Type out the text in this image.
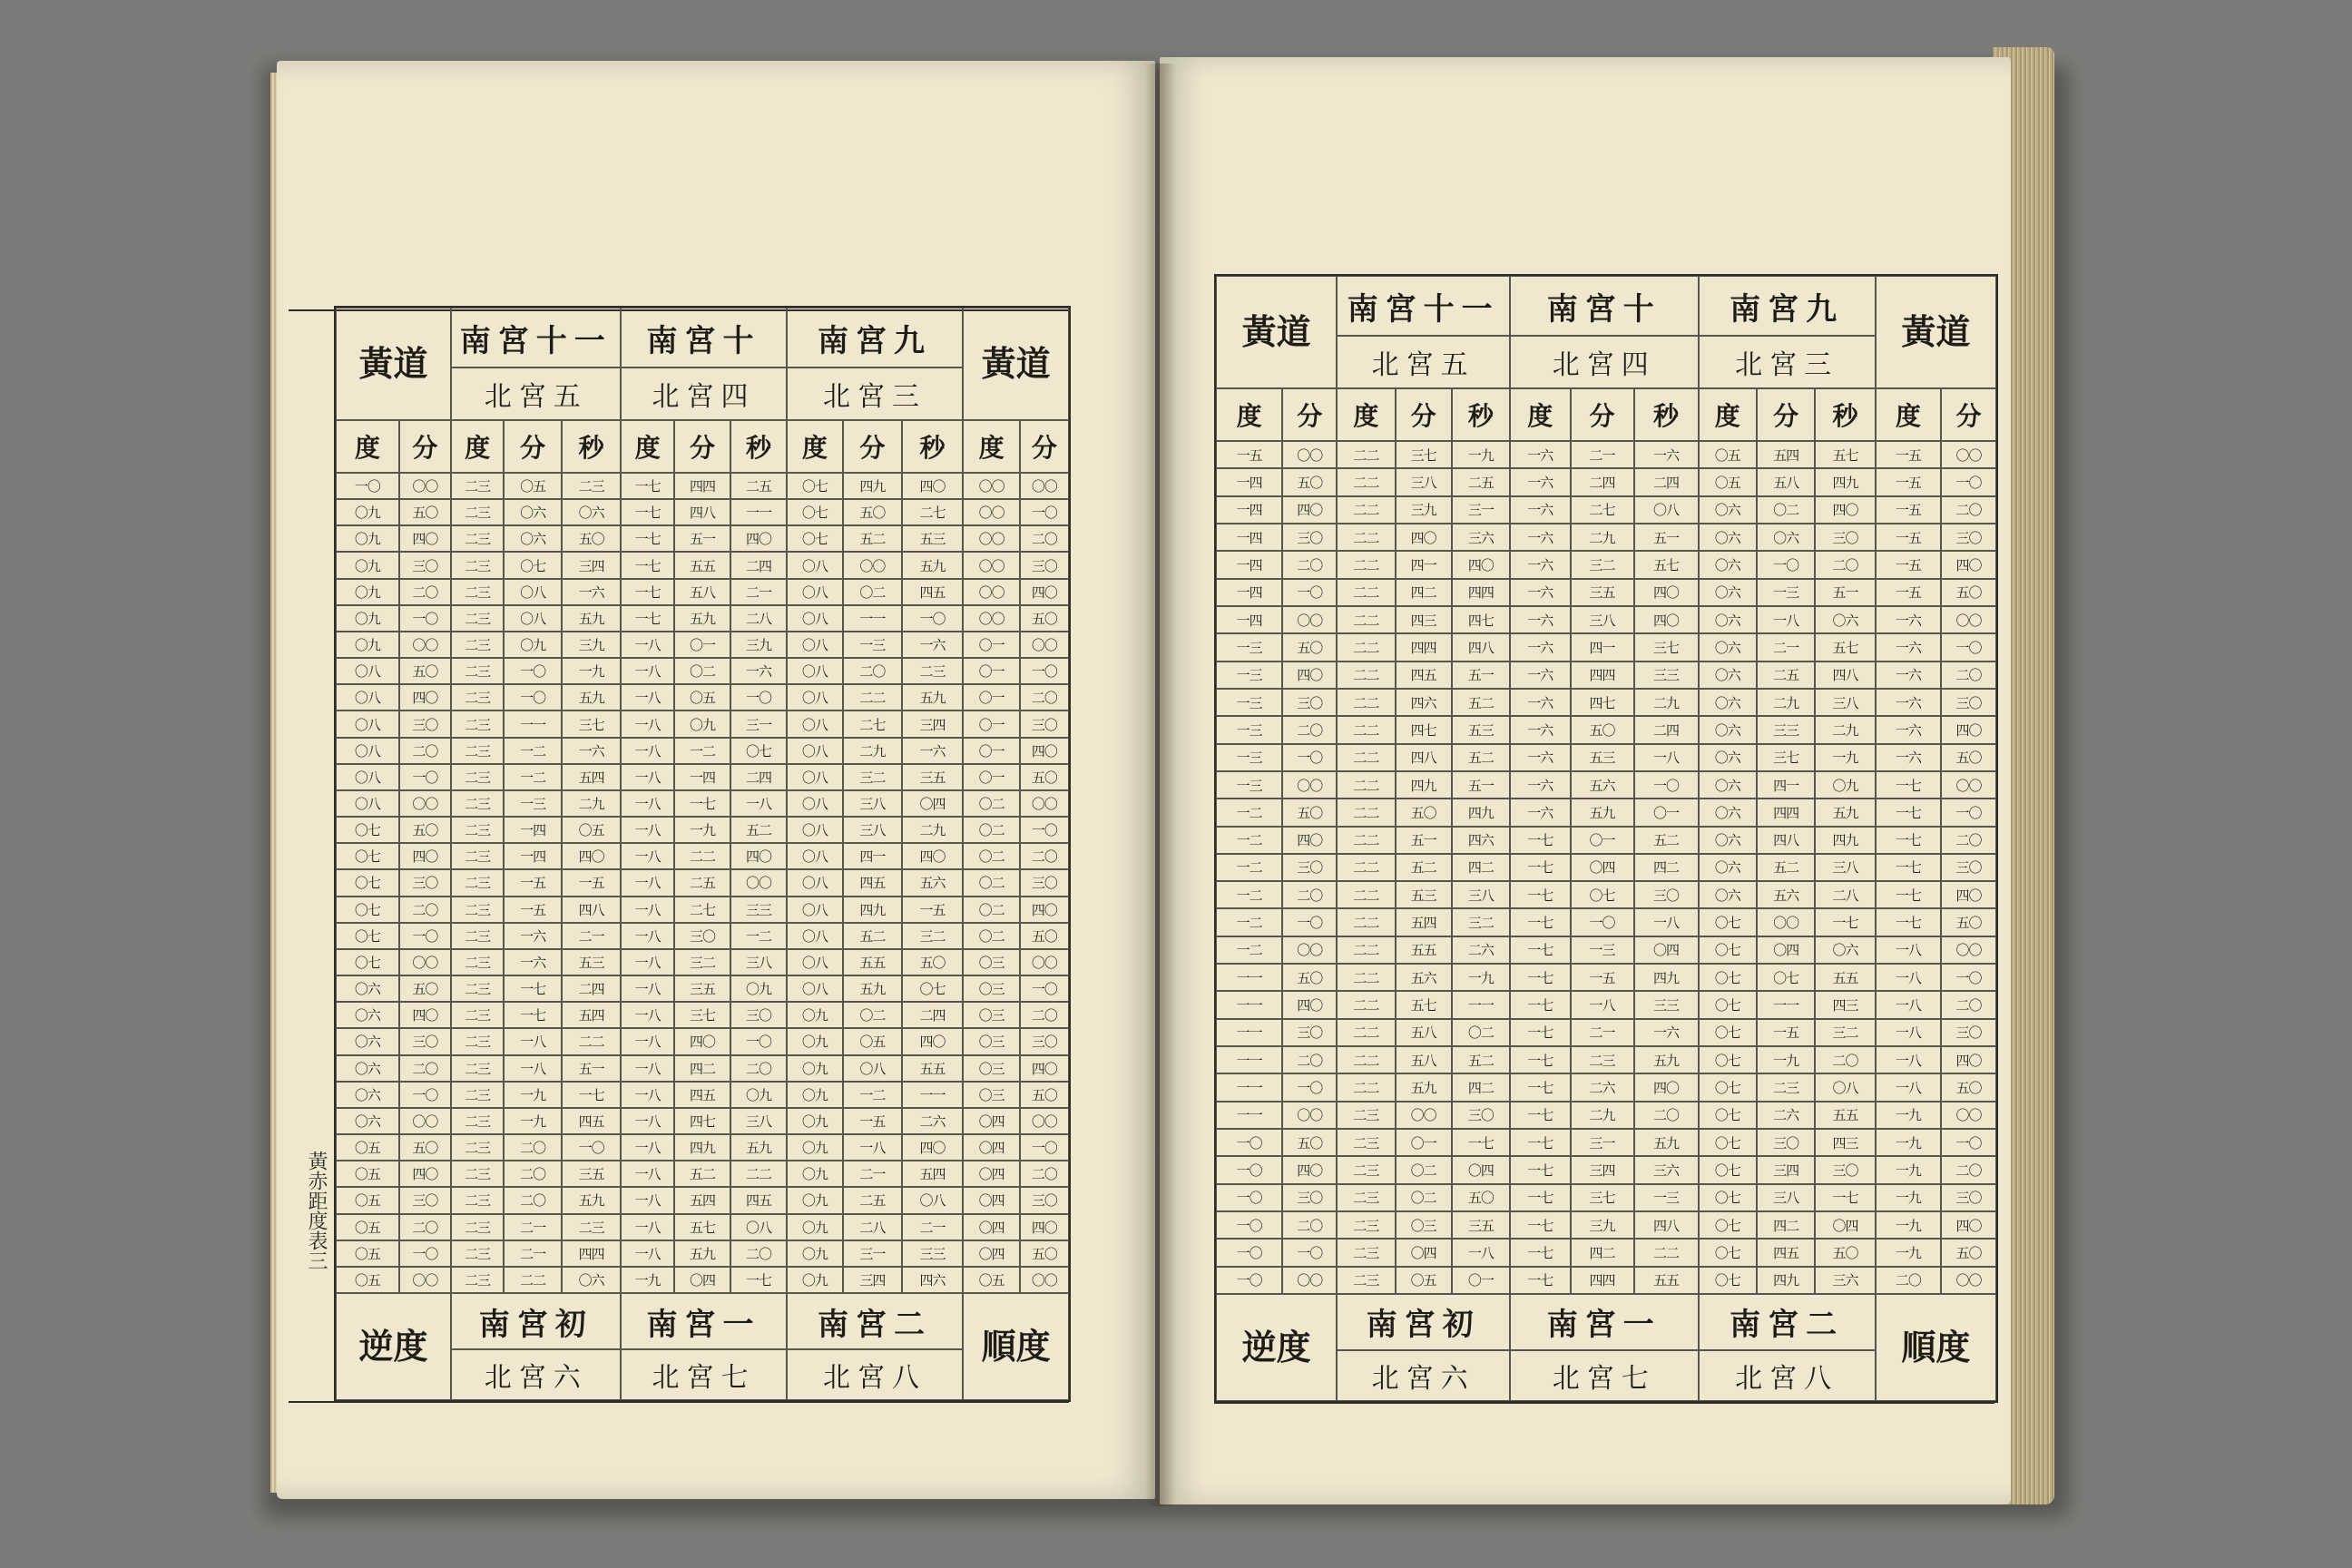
黃赤距度表三
黃道	黃道
南宮十一
北宮五
南宮十
北宮四
南宮九
北宮三
度	分	度	分	秒	度	分	秒	度	分	秒	度	分
一〇	〇〇	二三	〇五	二三	一七	四四	二五	〇七	四九	四〇	〇〇	〇〇
〇九	五〇	二三	〇六	〇六	一七	四八	一一	〇七	五〇	二七	〇〇	一〇
〇九	四〇	二三	〇六	五〇	一七	五一	四〇	〇七	五二	五三	〇〇	二〇
〇九	三〇	二三	〇七	三四	一七	五五	二四	〇八	〇〇	五九	〇〇	三〇
〇九	二〇	二三	〇八	一六	一七	五八	二一	〇八	〇二	四五	〇〇	四〇
〇九	一〇	二三	〇八	五九	一七	五九	二八	〇八	一一	一〇	〇〇	五〇
〇九	〇〇	二三	〇九	三九	一八	〇一	三九	〇八	一三	一六	〇一	〇〇
〇八	五〇	二三	一〇	一九	一八	〇二	一六	〇八	二〇	二三	〇一	一〇
〇八	四〇	二三	一〇	五九	一八	〇五	一〇	〇八	二二	五九	〇一	二〇
〇八	三〇	二三	一一	三七	一八	〇九	三一	〇八	二七	三四	〇一	三〇
〇八	二〇	二三	一二	一六	一八	一二	〇七	〇八	二九	一六	〇一	四〇
〇八	一〇	二三	一二	五四	一八	一四	二四	〇八	三二	三五	〇一	五〇
〇八	〇〇	二三	一三	二九	一八	一七	一八	〇八	三八	〇四	〇二	〇〇
〇七	五〇	二三	一四	〇五	一八	一九	五二	〇八	三八	二九	〇二	一〇
〇七	四〇	二三	一四	四〇	一八	二二	四〇	〇八	四一	四〇	〇二	二〇
〇七	三〇	二三	一五	一五	一八	二五	〇〇	〇八	四五	五六	〇二	三〇
〇七	二〇	二三	一五	四八	一八	二七	三三	〇八	四九	一五	〇二	四〇
〇七	一〇	二三	一六	二一	一八	三〇	一二	〇八	五二	三二	〇二	五〇
〇七	〇〇	二三	一六	五三	一八	三二	三八	〇八	五五	五〇	〇三	〇〇
〇六	五〇	二三	一七	二四	一八	三五	〇九	〇八	五九	〇七	〇三	一〇
〇六	四〇	二三	一七	五四	一八	三七	三〇	〇九	〇二	二四	〇三	二〇
〇六	三〇	二三	一八	二二	一八	四〇	一〇	〇九	〇五	四〇	〇三	三〇
〇六	二〇	二三	一八	五一	一八	四二	二〇	〇九	〇八	五五	〇三	四〇
〇六	一〇	二三	一九	一七	一八	四五	〇九	〇九	一二	一一	〇三	五〇
〇六	〇〇	二三	一九	四五	一八	四七	三八	〇九	一五	二六	〇四	〇〇
〇五	五〇	二三	二〇	一〇	一八	四九	五九	〇九	一八	四〇	〇四	一〇
〇五	四〇	二三	二〇	三五	一八	五二	二二	〇九	二一	五四	〇四	二〇
〇五	三〇	二三	二〇	五九	一八	五四	四五	〇九	二五	〇八	〇四	三〇
〇五	二〇	二三	二一	二三	一八	五七	〇八	〇九	二八	二一	〇四	四〇
〇五	一〇	二三	二一	四四	一八	五九	二〇	〇九	三一	三三	〇四	五〇
〇五	〇〇	二三	二二	〇六	一九	〇四	一七	〇九	三四	四六	〇五	〇〇
逆度	順度
南宮初
北宮六
南宮一
北宮七
南宮二
北宮八
黃道	黃道
南宮十一
北宮五
南宮十
北宮四
南宮九
北宮三
度	分	度	分	秒	度	分	秒	度	分	秒	度	分
一五	〇〇	二二	三七	一九	一六	二一	一六	〇五	五四	五七	一五	〇〇
一四	五〇	二二	三八	二五	一六	二四	二四	〇五	五八	四九	一五	一〇
一四	四〇	二二	三九	三一	一六	二七	〇八	〇六	〇二	四〇	一五	二〇
一四	三〇	二二	四〇	三六	一六	二九	五一	〇六	〇六	三〇	一五	三〇
一四	二〇	二二	四一	四〇	一六	三二	五七	〇六	一〇	二〇	一五	四〇
一四	一〇	二二	四二	四四	一六	三五	四〇	〇六	一三	五一	一五	五〇
一四	〇〇	二二	四三	四七	一六	三八	四〇	〇六	一八	〇六	一六	〇〇
一三	五〇	二二	四四	四八	一六	四一	三七	〇六	二一	五七	一六	一〇
一三	四〇	二二	四五	五一	一六	四四	三三	〇六	二五	四八	一六	二〇
一三	三〇	二二	四六	五二	一六	四七	二九	〇六	二九	三八	一六	三〇
一三	二〇	二二	四七	五三	一六	五〇	二四	〇六	三三	二九	一六	四〇
一三	一〇	二二	四八	五二	一六	五三	一八	〇六	三七	一九	一六	五〇
一三	〇〇	二二	四九	五一	一六	五六	一〇	〇六	四一	〇九	一七	〇〇
一二	五〇	二二	五〇	四九	一六	五九	〇一	〇六	四四	五九	一七	一〇
一二	四〇	二二	五一	四六	一七	〇一	五二	〇六	四八	四九	一七	二〇
一二	三〇	二二	五二	四二	一七	〇四	四二	〇六	五二	三八	一七	三〇
一二	二〇	二二	五三	三八	一七	〇七	三〇	〇六	五六	二八	一七	四〇
一二	一〇	二二	五四	三二	一七	一〇	一八	〇七	〇〇	一七	一七	五〇
一二	〇〇	二二	五五	二六	一七	一三	〇四	〇七	〇四	〇六	一八	〇〇
一一	五〇	二二	五六	一九	一七	一五	四九	〇七	〇七	五五	一八	一〇
一一	四〇	二二	五七	一一	一七	一八	三三	〇七	一一	四三	一八	二〇
一一	三〇	二二	五八	〇二	一七	二一	一六	〇七	一五	三二	一八	三〇
一一	二〇	二二	五八	五二	一七	二三	五九	〇七	一九	二〇	一八	四〇
一一	一〇	二二	五九	四二	一七	二六	四〇	〇七	二三	〇八	一八	五〇
一一	〇〇	二三	〇〇	三〇	一七	二九	二〇	〇七	二六	五五	一九	〇〇
一〇	五〇	二三	〇一	一七	一七	三一	五九	〇七	三〇	四三	一九	一〇
一〇	四〇	二三	〇二	〇四	一七	三四	三六	〇七	三四	三〇	一九	二〇
一〇	三〇	二三	〇二	五〇	一七	三七	一三	〇七	三八	一七	一九	三〇
一〇	二〇	二三	〇三	三五	一七	三九	四八	〇七	四二	〇四	一九	四〇
一〇	一〇	二三	〇四	一八	一七	四二	二二	〇七	四五	五〇	一九	五〇
一〇	〇〇	二三	〇五	〇一	一七	四四	五五	〇七	四九	三六	二〇	〇〇
逆度	順度
南宮初
北宮六
南宮一
北宮七
南宮二
北宮八
